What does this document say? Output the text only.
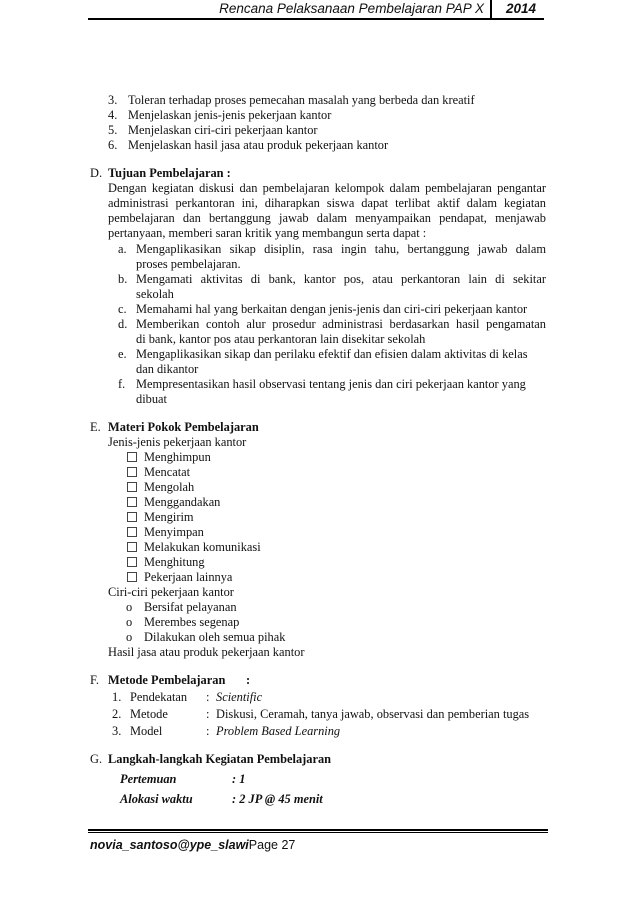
Rencana Pelaksanaan Pembelajaran PAP X 2014
3. Toleran terhadap proses pemecahan masalah yang berbeda dan kreatif
4. Menjelaskan jenis-jenis pekerjaan kantor
5. Menjelaskan ciri-ciri pekerjaan kantor
6. Menjelaskan hasil jasa atau produk pekerjaan kantor
D. Tujuan Pembelajaran :
Dengan kegiatan diskusi dan pembelajaran kelompok dalam pembelajaran pengantar
administrasi perkantoran ini, diharapkan siswa dapat terlibat aktif dalam kegiatan
pembelajaran dan bertanggung jawab dalam menyampaikan pendapat, menjawab
pertanyaan, memberi saran kritik yang membangun serta dapat :
a. Mengaplikasikan sikap disiplin, rasa ingin tahu, bertanggung jawab dalam
proses pembelajaran.
b. Mengamati aktivitas di bank, kantor pos, atau perkantoran lain di sekitar
sekolah
c. Memahami hal yang berkaitan dengan jenis-jenis dan ciri-ciri pekerjaan kantor
d. Memberikan contoh alur prosedur administrasi berdasarkan hasil pengamatan
di bank, kantor pos atau perkantoran lain disekitar sekolah
e. Mengaplikasikan sikap dan perilaku efektif dan efisien dalam aktivitas di kelas
dan dikantor
f. Mempresentasikan hasil observasi tentang jenis dan ciri pekerjaan kantor yang
dibuat
E. Materi Pokok Pembelajaran
Jenis-jenis pekerjaan kantor
Menghimpun
Mencatat
Mengolah
Menggandakan
Mengirim
Menyimpan
Melakukan komunikasi
Menghitung
Pekerjaan lainnya
Ciri-ciri pekerjaan kantor
o Bersifat pelayanan
o Merembes segenap
o Dilakukan oleh semua pihak
Hasil jasa atau produk pekerjaan kantor
F. Metode Pembelajaran :
1. Pendekatan : Scientific
2. Metode	: Diskusi, Ceramah, tanya jawab, observasi dan pemberian tugas
3. Model	: Problem Based Learning
G. Langkah-langkah Kegiatan Pembelajaran
Pertemuan	: 1
Alokasi waktu	: 2 JP @ 45 menit
novia_santoso@ype_slawiPage 27
